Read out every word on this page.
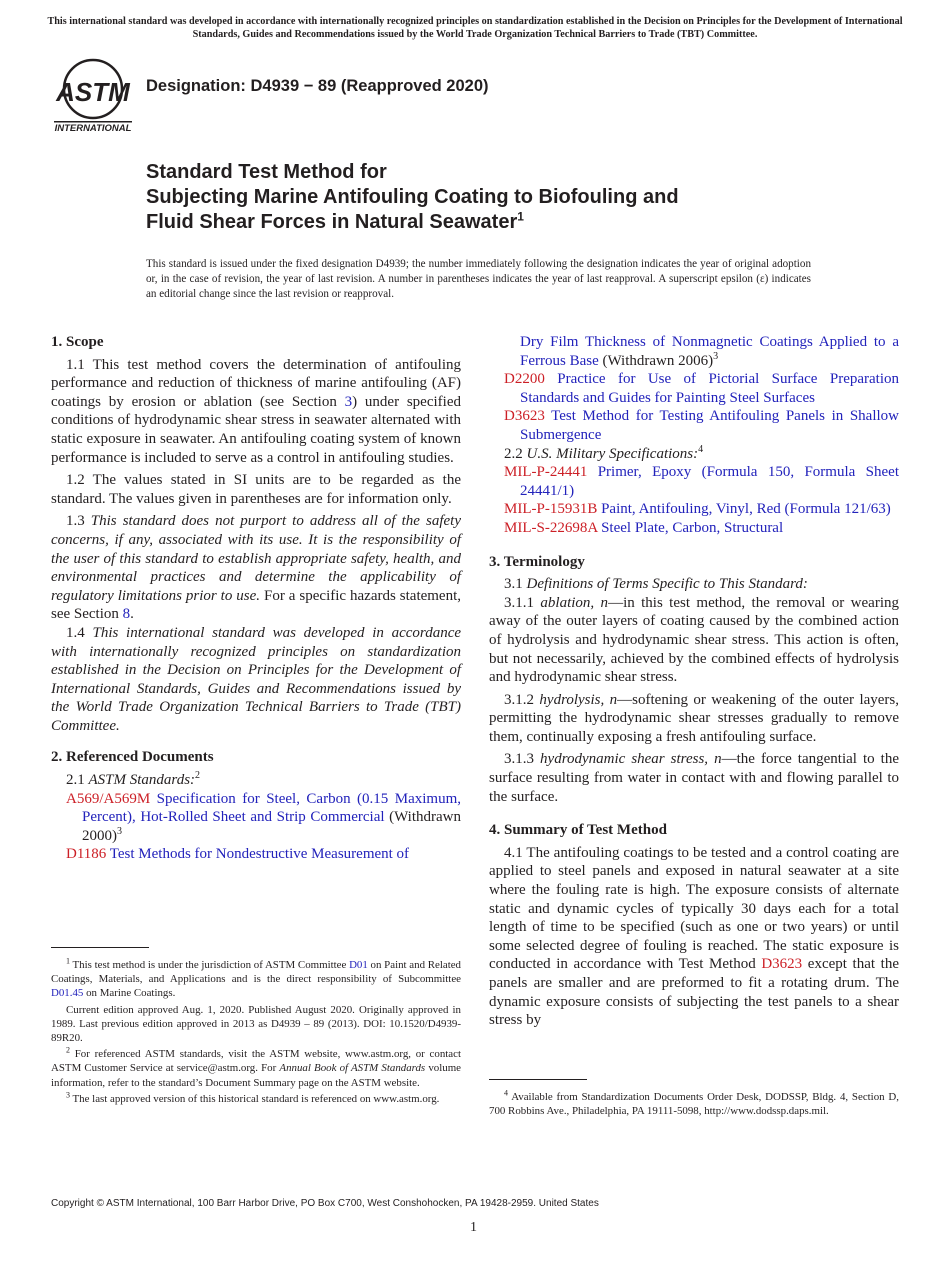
This international standard was developed in accordance with internationally recognized principles on standardization established in the Decision on Principles for the Development of International Standards, Guides and Recommendations issued by the World Trade Organization Technical Barriers to Trade (TBT) Committee.
ASTM
INTERNATIONAL
Designation: D4939 − 89 (Reapproved 2020)
Standard Test Method for
Subjecting Marine Antifouling Coating to Biofouling and
Fluid Shear Forces in Natural Seawater$^1$
This standard is issued under the fixed designation D4939; the number immediately following the designation indicates the year of original adoption or, in the case of revision, the year of last revision. A number in parentheses indicates the year of last reapproval. A superscript epsilon (ε) indicates an editorial change since the last revision or reapproval.
1. Scope

1.1 This test method covers the determination of antifouling performance and reduction of thickness of marine antifouling (AF) coatings by erosion or ablation (see Section 3) under specified conditions of hydrodynamic shear stress in seawater alternated with static exposure in seawater. An antifouling coating system of known performance is included to serve as a control in antifouling studies.

1.2 The values stated in SI units are to be regarded as the standard. The values given in parentheses are for information only.

1.3 This standard does not purport to address all of the safety concerns, if any, associated with its use. It is the responsibility of the user of this standard to establish appropriate safety, health, and environmental practices and determine the applicability of regulatory limitations prior to use. For a specific hazards statement, see Section 8.

1.4 This international standard was developed in accordance with internationally recognized principles on standardization established in the Decision on Principles for the Development of International Standards, Guides and Recommendations issued by the World Trade Organization Technical Barriers to Trade (TBT) Committee.

2. Referenced Documents

2.1 ASTM Standards:$^2$

A569/A569M Specification for Steel, Carbon (0.15 Maximum, Percent), Hot-Rolled Sheet and Strip Commercial (Withdrawn 2000)$^3$
D1186 Test Methods for Nondestructive Measurement of

$^1$ This test method is under the jurisdiction of ASTM Committee D01 on Paint and Related Coatings, Materials, and Applications and is the direct responsibility of Subcommittee D01.45 on Marine Coatings.

Current edition approved Aug. 1, 2020. Published August 2020. Originally approved in 1989. Last previous edition approved in 2013 as D4939 – 89 (2013). DOI: 10.1520/D4939-89R20.

$^2$ For referenced ASTM standards, visit the ASTM website, www.astm.org, or contact ASTM Customer Service at service@astm.org. For Annual Book of ASTM Standards volume information, refer to the standard’s Document Summary page on the ASTM website.

$^3$ The last approved version of this historical standard is referenced on www.astm.org.

Dry Film Thickness of Nonmagnetic Coatings Applied to a Ferrous Base (Withdrawn 2006)$^3$
D2200 Practice for Use of Pictorial Surface Preparation Standards and Guides for Painting Steel Surfaces
D3623 Test Method for Testing Antifouling Panels in Shallow Submergence

2.2 U.S. Military Specifications:$^4$

MIL-P-24441 Primer, Epoxy (Formula 150, Formula Sheet 24441/1)
MIL-P-15931B Paint, Antifouling, Vinyl, Red (Formula 121/63)
MIL-S-22698A Steel Plate, Carbon, Structural
3. Terminology

3.1 Definitions of Terms Specific to This Standard:

3.1.1 ablation, n—in this test method, the removal or wearing away of the outer layers of coating caused by the combined action of hydrolysis and hydrodynamic shear stress. This action is often, but not necessarily, achieved by the combined effects of hydrolysis and hydrodynamic shear stress.

3.1.2 hydrolysis, n—softening or weakening of the outer layers, permitting the hydrodynamic shear stresses gradually to remove them, continually exposing a fresh antifouling surface.

3.1.3 hydrodynamic shear stress, n—the force tangential to the surface resulting from water in contact with and flowing parallel to the surface.

4. Summary of Test Method

4.1 The antifouling coatings to be tested and a control coating are applied to steel panels and exposed in natural seawater at a site where the fouling rate is high. The exposure consists of alternate static and dynamic cycles of typically 30 days each for a total length of time to be specified (such as one or two years) or until some selected degree of fouling is reached. The static exposure is conducted in accordance with Test Method D3623 except that the panels are smaller and are preformed to fit a rotating drum. The dynamic exposure consists of subjecting the test panels to a shear stress by

$^4$ Available from Standardization Documents Order Desk, DODSSP, Bldg. 4, Section D, 700 Robbins Ave., Philadelphia, PA 19111-5098, http://www.dodssp.daps.mil.

Copyright © ASTM International, 100 Barr Harbor Drive, PO Box C700, West Conshohocken, PA 19428-2959. United States
1
